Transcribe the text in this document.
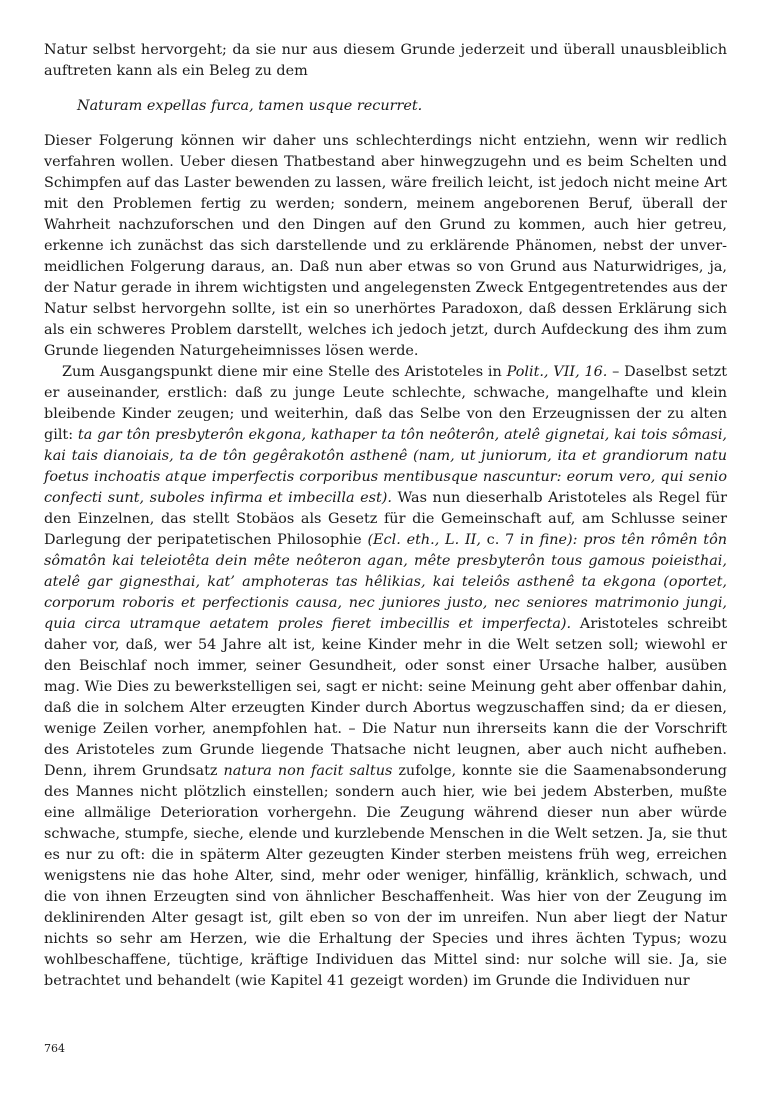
Natur selbst hervorgeht; da sie nur aus diesem Grunde jederzeit und überall unausbleiblich auftreten kann als ein Beleg zu dem

Naturam expellas furca, tamen usque recurret.

Dieser Folgerung können wir daher uns schlechterdings nicht entziehn, wenn wir redlich verfahren wollen. Ueber diesen Thatbestand aber hinwegzugehn und es beim Schelten und Schimpfen auf das Laster bewenden zu lassen, wäre freilich leicht, ist jedoch nicht meine Art mit den Problemen fertig zu werden; sondern, meinem angeborenen Beruf, überall der Wahrheit nachzuforschen und den Dingen auf den Grund zu kommen, auch hier getreu, erkenne ich zunächst das sich darstellende und zu erklärende Phänomen, nebst der unvermeidlichen Folgerung daraus, an. Daß nun aber etwas so von Grund aus Naturwidriges, ja, der Natur gerade in ihrem wichtigsten und angelegensten Zweck Entgegentretendes aus der Natur selbst hervorgehn sollte, ist ein so unerhörtes Paradoxon, daß dessen Erklärung sich als ein schweres Problem darstellt, welches ich jedoch jetzt, durch Aufdeckung des ihm zum Grunde liegenden Naturgeheimnisses lösen werde.

Zum Ausgangspunkt diene mir eine Stelle des Aristoteles in Polit., VII, 16. – Daselbst setzt er auseinander, erstlich: daß zu junge Leute schlechte, schwache, mangelhafte und klein bleibende Kinder zeugen; und weiterhin, daß das Selbe von den Erzeugnissen der zu alten gilt: ta gar tôn presbyterôn ekgona, kathaper ta tôn neôterôn, atelê gignetai, kai tois sômasi, kai tais dianoiais, ta de tôn gegêrakotôn asthenê (nam, ut juniorum, ita et grandiorum natu foetus inchoatis atque imperfectis corporibus mentibusque nascuntur: eorum vero, qui senio confecti sunt, suboles infirma et imbecilla est). Was nun dieserhalb Aristoteles als Regel für den Einzelnen, das stellt Stobäos als Gesetz für die Gemeinschaft auf, am Schlusse seiner Darlegung der peripatetischen Philosophie (Ecl. eth., L. II, c. 7 in fine): pros tên rômên tôn sômatôn kai teleiotêta dein mête neôteron agan, mête presbyterôn tous gamous poieisthai, atelê gar gignesthai, kat’ amphoteras tas hêlikias, kai teleiôs asthenê ta ekgona (oportet, corporum roboris et perfectionis causa, nec juniores justo, nec seniores matrimonio jungi, quia circa utramque aetatem proles fieret imbecillis et imperfecta). Aristoteles schreibt daher vor, daß, wer 54 Jahre alt ist, keine Kinder mehr in die Welt setzen soll; wiewohl er den Beischlaf noch immer, seiner Gesundheit, oder sonst einer Ursache halber, ausüben mag. Wie Dies zu bewerkstelligen sei, sagt er nicht: seine Meinung geht aber offenbar dahin, daß die in solchem Alter erzeugten Kinder durch Abortus wegzuschaffen sind; da er diesen, wenige Zeilen vorher, anempfohlen hat. – Die Natur nun ihrerseits kann die der Vorschrift des Aristoteles zum Grunde liegende Thatsache nicht leugnen, aber auch nicht aufheben. Denn, ihrem Grundsatz natura non facit saltus zufolge, konnte sie die Saamenabsonderung des Mannes nicht plötzlich einstellen; sondern auch hier, wie bei jedem Absterben, mußte eine allmälige Deterioration vorhergehn. Die Zeugung während dieser nun aber würde schwache, stumpfe, sieche, elende und kurzlebende Menschen in die Welt setzen. Ja, sie thut es nur zu oft: die in späterm Alter gezeugten Kinder sterben meistens früh weg, erreichen wenigstens nie das hohe Alter, sind, mehr oder weniger, hinfällig, kränklich, schwach, und die von ihnen Erzeugten sind von ähnlicher Beschaffenheit. Was hier von der Zeugung im deklinirenden Alter gesagt ist, gilt eben so von der im unreifen. Nun aber liegt der Natur nichts so sehr am Herzen, wie die Erhaltung der Species und ihres ächten Typus; wozu wohlbeschaffene, tüchtige, kräftige Individuen das Mittel sind: nur solche will sie. Ja, sie betrachtet und behandelt (wie Kapitel 41 gezeigt worden) im Grunde die Individuen nur

764
